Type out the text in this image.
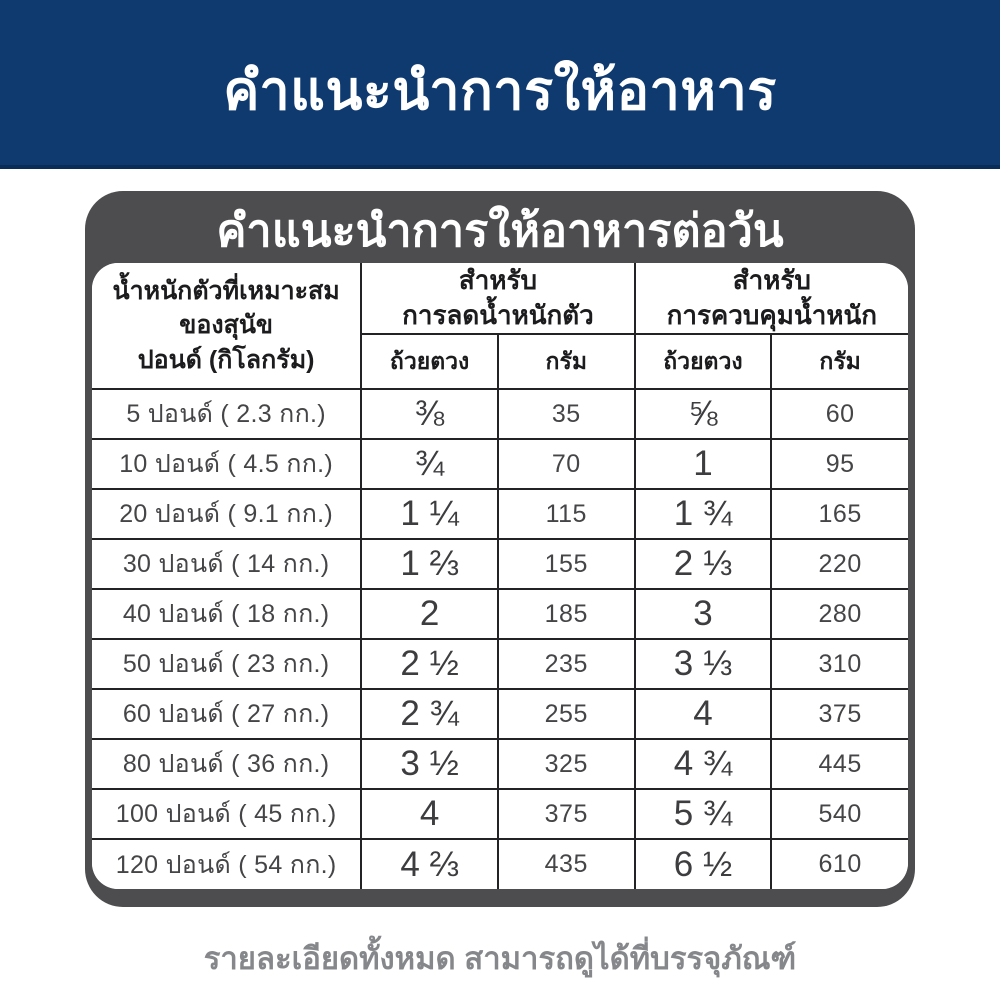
คำแนะนำการให้อาหาร
คำแนะนำการให้อาหารต่อวัน
น้ำหนักตัวที่เหมาะสม
ของสุนัข
ปอนด์ (กิโลกรัม)	สำหรับ
การลดน้ำหนักตัว		สำหรับ
การควบคุมน้ำหนัก	

	ถ้วยตวง	กรัม	ถ้วยตวง	กรัม
5 ปอนด์ ( 2.3 กก.)	⅜	35	⅝	60
10 ปอนด์ ( 4.5 กก.)	¾	70	1	95
20 ปอนด์ ( 9.1 กก.)	1 ¼	115	1 ¾	165
30 ปอนด์ ( 14 กก.)	1 ⅔	155	2 ⅓	220
40 ปอนด์ ( 18 กก.)	2	185	3	280
50 ปอนด์ ( 23 กก.)	2 ½	235	3 ⅓	310
60 ปอนด์ ( 27 กก.)	2 ¾	255	4	375
80 ปอนด์ ( 36 กก.)	3 ½	325	4 ¾	445
100 ปอนด์ ( 45 กก.)	4	375	5 ¾	540
120 ปอนด์ ( 54 กก.)	4 ⅔	435	6 ½	610
รายละเอียดทั้งหมด สามารถดูได้ที่บรรจุภัณฑ์
